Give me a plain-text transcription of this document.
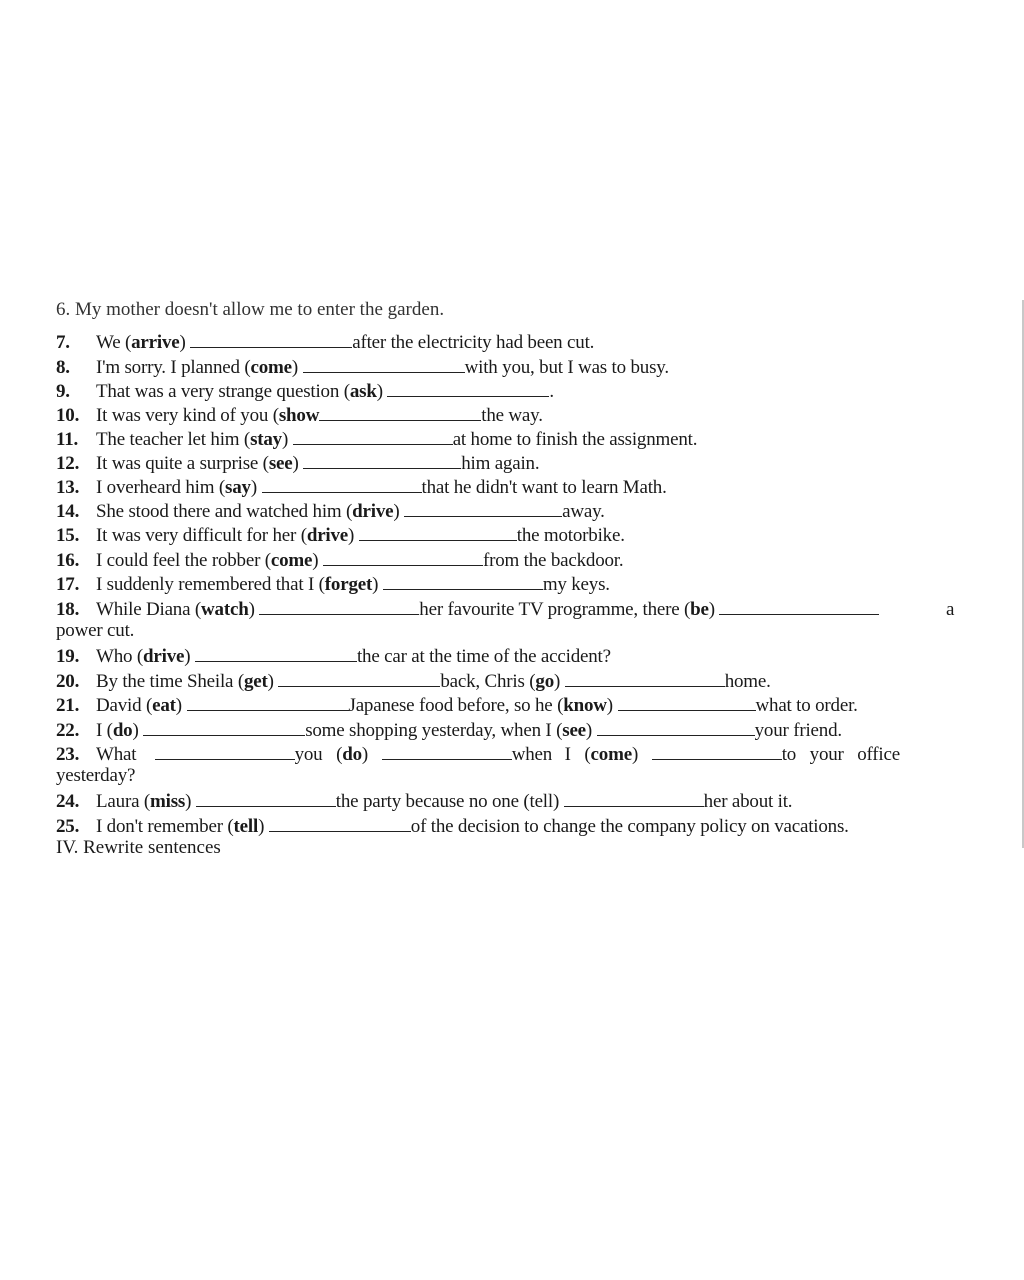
6. My mother doesn't allow me to enter the garden.
7. We (arrive)	after the electricity had been cut.
8. I'm sorry. I planned (come)	with you, but I was to busy.
9. That was a very strange question (ask)	.
10. It was very kind of you (show	the way.
11. The teacher let him (stay)	at home to finish the assignment.
12. It was quite a surprise (see)	him again.
13. I overheard him (say)	that he didn't want to learn Math.
14. She stood there and watched him (drive)	away.
15. It was very difficult for her (drive)	the motorbike.
16. I could feel the robber (come)	from the backdoor.
17. I suddenly remembered that I (forget)	my keys.
18. While Diana (watch)	her favourite TV programme, there (be)	a
power cut.
19. Who (drive)	the car at the time of the accident?
20. By the time Sheila (get)	back, Chris (go)	home.
21. David (eat)	Japanese food before, so he (know)	what to order.
22. I (do)	some shopping yesterday, when I (see)	your friend.
23. What	you   (do)	when I   (come)	to your office
yesterday?
24. Laura (miss)	the party because no one (tell)	her about it.
25. I don't remember (tell)	of the decision to change the company policy on vacations.
IV. Rewrite sentences
